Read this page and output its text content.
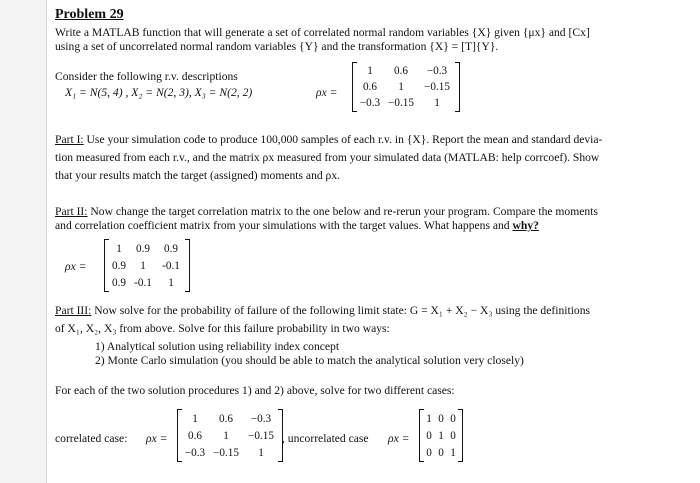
Problem 29
Write a MATLAB function that will generate a set of correlated normal random variables {X} given {μx} and [Cx]
using a set of uncorrelated normal random variables {Y} and the transformation {X} = [T]{Y}.
Consider the following r.v. descriptions
X₁ = N(5, 4) , X₂ = N(2, 3), X₃ = N(2, 2)	ρx =
1	0.6	−0.3
0.6	1	−0.15
−0.3 −0.15	1
Part I: Use your simulation code to produce 100,000 samples of each r.v. in {X}. Report the mean and standard devia-
tion measured from each r.v., and the matrix ρx measured from your simulated data (MATLAB: help corrcoef). Show
that your results match the target (assigned) moments and ρx.
Part II: Now change the target correlation matrix to the one below and re-rerun your program. Compare the moments
and correlation coefficient matrix from your simulations with the target values. What happens and why?
ρx =
1	0.9	0.9
0.9	1	-0.1
0.9 -0.1	1
Part III: Now solve for the probability of failure of the following limit state: G = X₁ + X₂ − X₃ using the definitions
of X₁, X₂, X₃ from above. Solve for this failure probability in two ways:
1) Analytical solution using reliability index concept
2) Monte Carlo simulation (you should be able to match the analytical solution very closely)
For each of the two solution procedures 1) and 2) above, solve for two different cases:
correlated case: ρx =
1	0.6	−0.3
0.6	1	−0.15
−0.3 −0.15	1
, uncorrelated case ρx =
1 0 0
0 1 0
0 0 1
